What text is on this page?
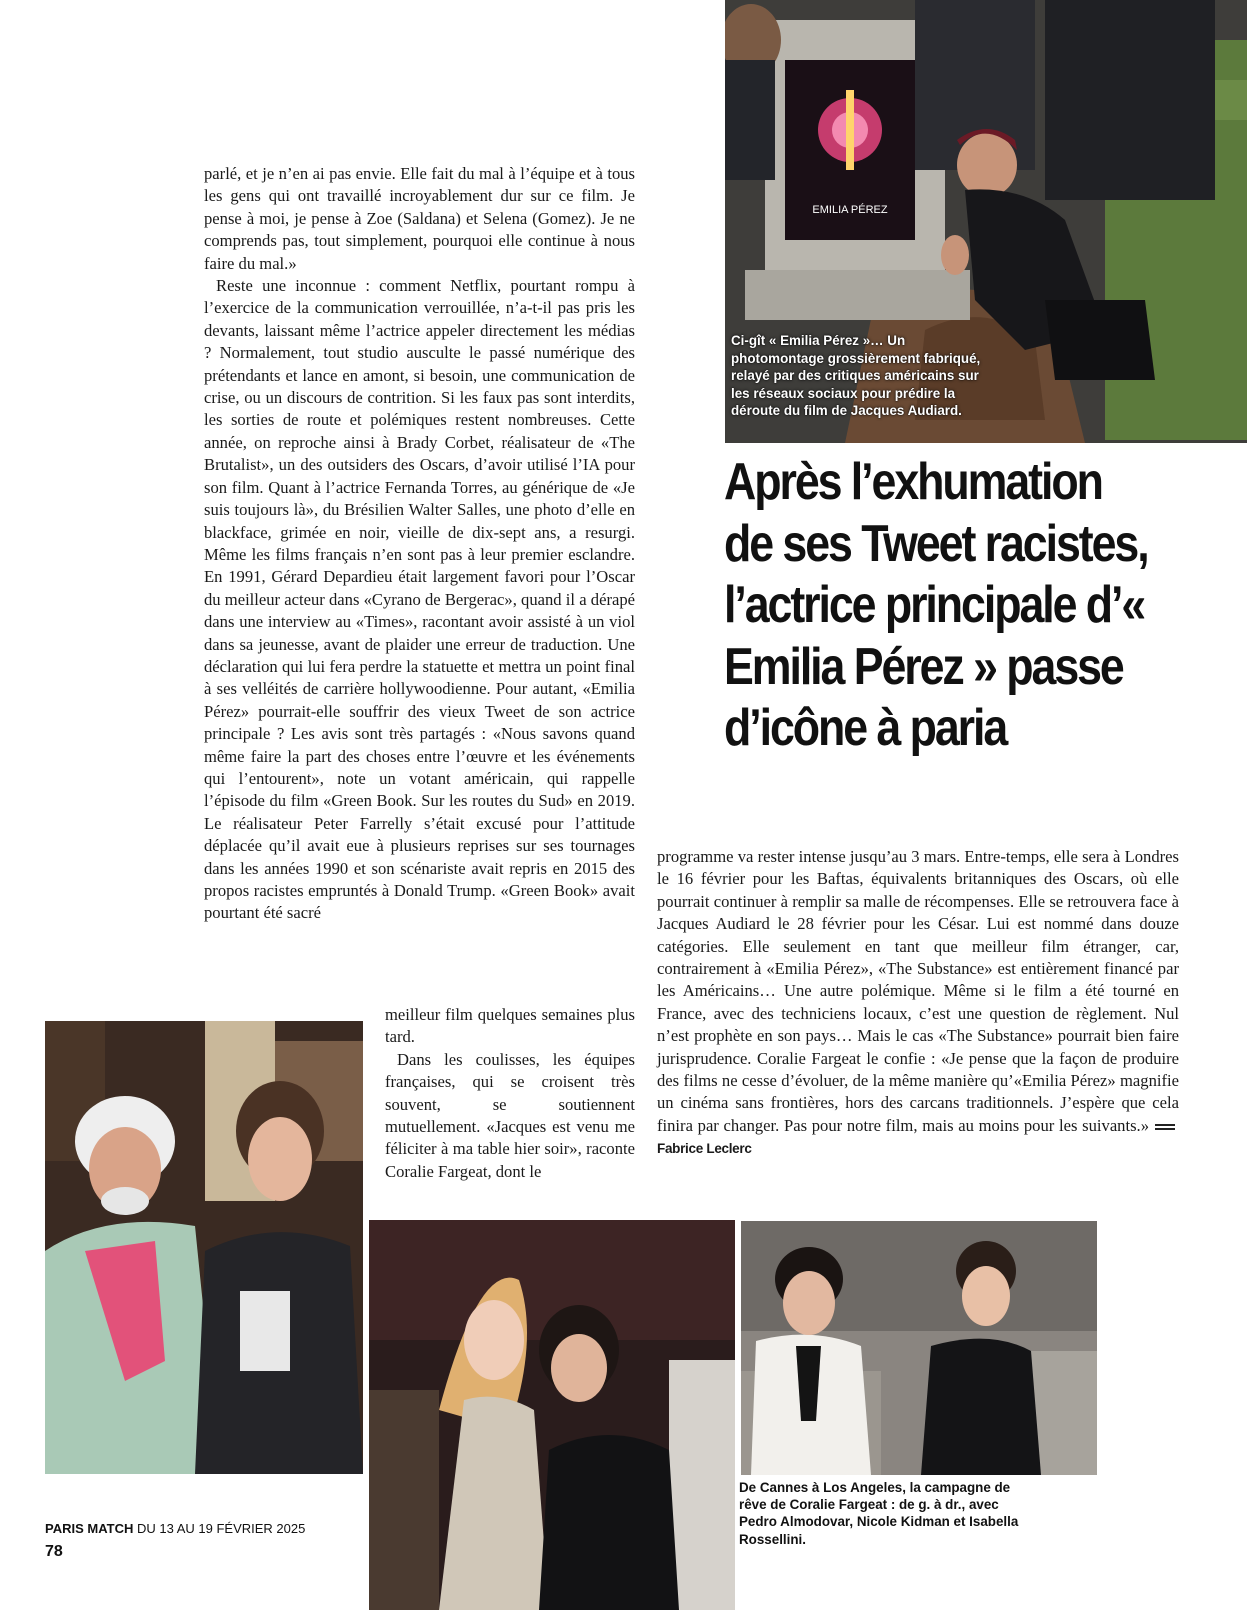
EMILIA PÉREZ
Ci-gît « Emilia Pérez »… Un photomontage grossièrement fabriqué, relayé par des critiques américains sur les réseaux sociaux pour prédire la déroute du film de Jacques Audiard.
Après l’exhumation de ses Tweet racistes, l’actrice principale d’« Emilia Pérez » passe d’icône à paria

parlé, et je n’en ai pas envie. Elle fait du mal à l’équipe et à tous les gens qui ont travaillé incroyablement dur sur ce film. Je pense à moi, je pense à Zoe (Saldana) et Selena (Gomez). Je ne comprends pas, tout simplement, pourquoi elle continue à nous faire du mal.»

Reste une inconnue : comment Netflix, pourtant rompu à l’exercice de la communication verrouillée, n’a-t-il pas pris les devants, laissant même l’actrice appeler directement les médias ? Normalement, tout studio ausculte le passé numérique des prétendants et lance en amont, si besoin, une communication de crise, ou un discours de contrition. Si les faux pas sont interdits, les sorties de route et polémiques restent nombreuses. Cette année, on reproche ainsi à Brady Corbet, réalisateur de «The Brutalist», un des outsiders des Oscars, d’avoir utilisé l’IA pour son film. Quant à l’actrice Fernanda Torres, au générique de «Je suis toujours là», du Brésilien Walter Salles, une photo d’elle en blackface, grimée en noir, vieille de dix-sept ans, a resurgi. Même les films français n’en sont pas à leur premier esclandre. En 1991, Gérard Depardieu était largement favori pour l’Oscar du meilleur acteur dans «Cyrano de Bergerac», quand il a dérapé dans une interview au «Times», racontant avoir assisté à un viol dans sa jeunesse, avant de plaider une erreur de traduction. Une déclaration qui lui fera perdre la statuette et mettra un point final à ses velléités de carrière hollywoodienne. Pour autant, «Emilia Pérez» pourrait-elle souffrir des vieux Tweet de son actrice principale ? Les avis sont très partagés : «Nous savons quand même faire la part des choses entre l’œuvre et les événements qui l’entourent», note un votant américain, qui rappelle l’épisode du film «Green Book. Sur les routes du Sud» en 2019. Le réalisateur Peter Farrelly s’était excusé pour l’attitude déplacée qu’il avait eue à plusieurs reprises sur ses tournages dans les années 1990 et son scénariste avait repris en 2015 des propos racistes empruntés à Donald Trump. «Green Book» avait pourtant été sacré

meilleur film quelques semaines plus tard.

Dans les coulisses, les équipes françaises, qui se croisent très souvent, se soutiennent mutuellement. «Jacques est venu me féliciter à ma table hier soir», raconte Coralie Fargeat, dont le

programme va rester intense jusqu’au 3 mars. Entre-temps, elle sera à Londres le 16 février pour les Baftas, équivalents britanniques des Oscars, où elle pourrait continuer à remplir sa malle de récompenses. Elle se retrouvera face à Jacques Audiard le 28 février pour les César. Lui est nommé dans douze catégories. Elle seulement en tant que meilleur film étranger, car, contrairement à «Emilia Pérez», «The Substance» est entièrement financé par les Américains… Une autre polémique. Même si le film a été tourné en France, avec des techniciens locaux, c’est une question de règlement. Nul n’est prophète en son pays… Mais le cas «The Substance» pourrait bien faire jurisprudence. Coralie Fargeat le confie : «Je pense que la façon de produire des films ne cesse d’évoluer, de la même manière qu’«Emilia Pérez» magnifie un cinéma sans frontières, hors des carcans traditionnels. J’espère que cela finira par changer. Pas pour notre film, mais au moins pour les suivants.»Fabrice Leclerc

De Cannes à Los Angeles, la campagne de rêve de Coralie Fargeat : de g. à dr., avec Pedro Almodovar, Nicole Kidman et Isabella Rossellini.
PARIS MATCH DU 13 AU 19 FÉVRIER 2025
78
